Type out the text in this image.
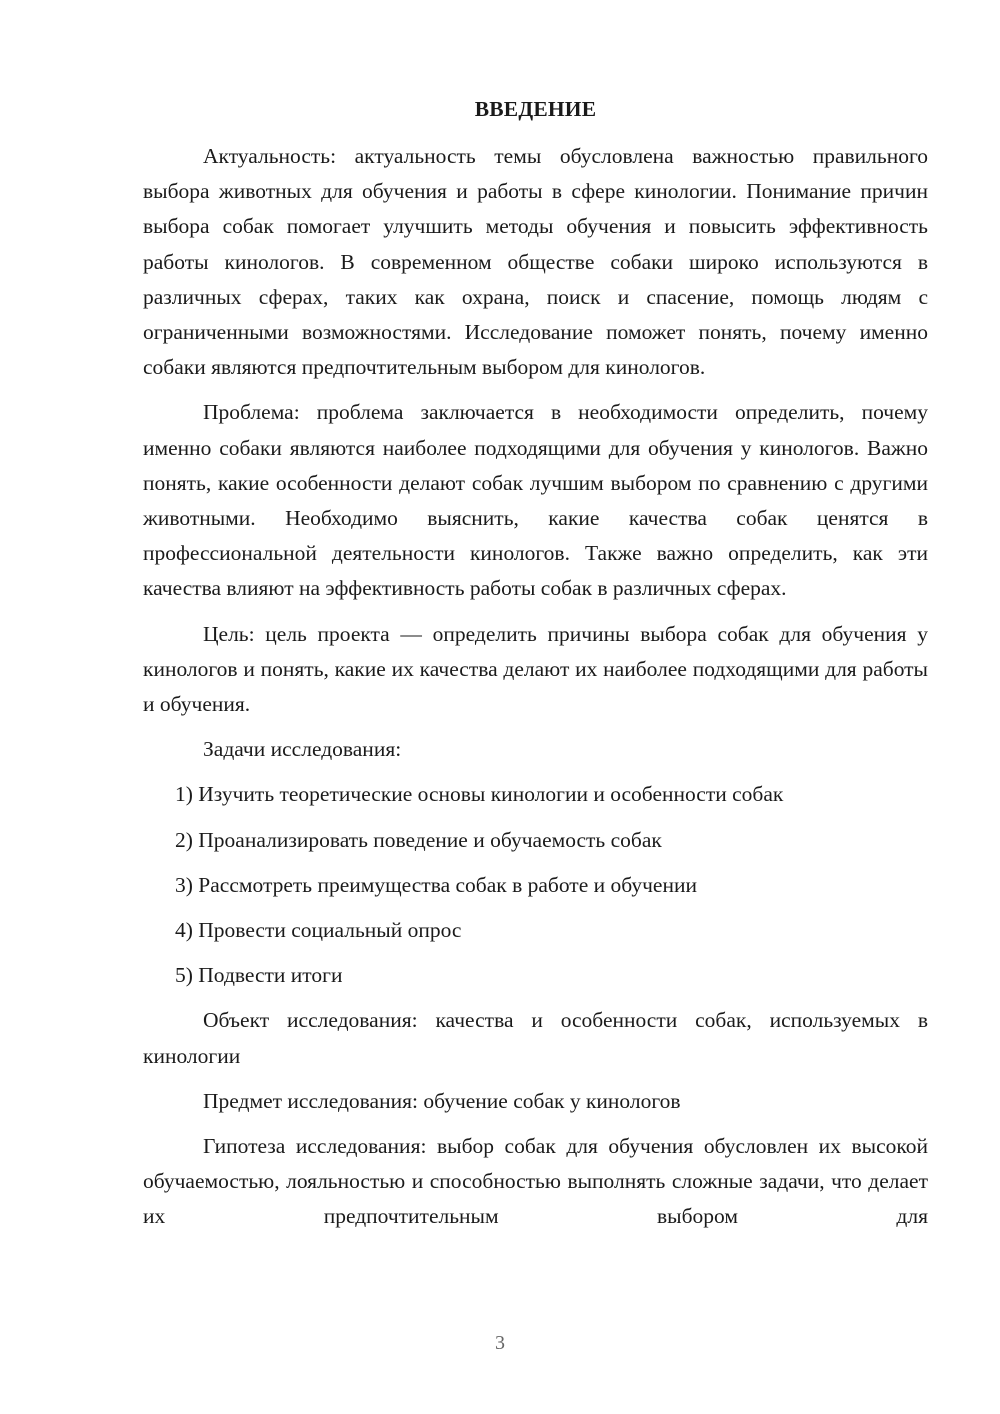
ВВЕДЕНИЕ

Актуальность: актуальность темы обусловлена важностью правильного выбора животных для обучения и работы в сфере кинологии. Понимание причин выбора собак помогает улучшить методы обучения и повысить эффективность работы кинологов. В современном обществе собаки широко используются в различных сферах, таких как охрана, поиск и спасение, помощь людям с ограниченными возможностями. Исследование поможет понять, почему именно собаки являются предпочтительным выбором для кинологов.

Проблема: проблема заключается в необходимости определить, почему именно собаки являются наиболее подходящими для обучения у кинологов. Важно понять, какие особенности делают собак лучшим выбором по сравнению с другими животными. Необходимо выяснить, какие качества собак ценятся в профессиональной деятельности кинологов. Также важно определить, как эти качества влияют на эффективность работы собак в различных сферах.

Цель: цель проекта — определить причины выбора собак для обучения у кинологов и понять, какие их качества делают их наиболее подходящими для работы и обучения.

Задачи исследования:

1) Изучить теоретические основы кинологии и особенности собак
2) Проанализировать поведение и обучаемость собак
3) Рассмотреть преимущества собак в работе и обучении
4) Провести социальный опрос
5) Подвести итоги

Объект исследования: качества и особенности собак, используемых в кинологии

Предмет исследования: обучение собак у кинологов

Гипотеза исследования: выбор собак для обучения обусловлен их высокой обучаемостью, лояльностью и способностью выполнять сложные задачи, что делает их предпочтительным выбором для

3
